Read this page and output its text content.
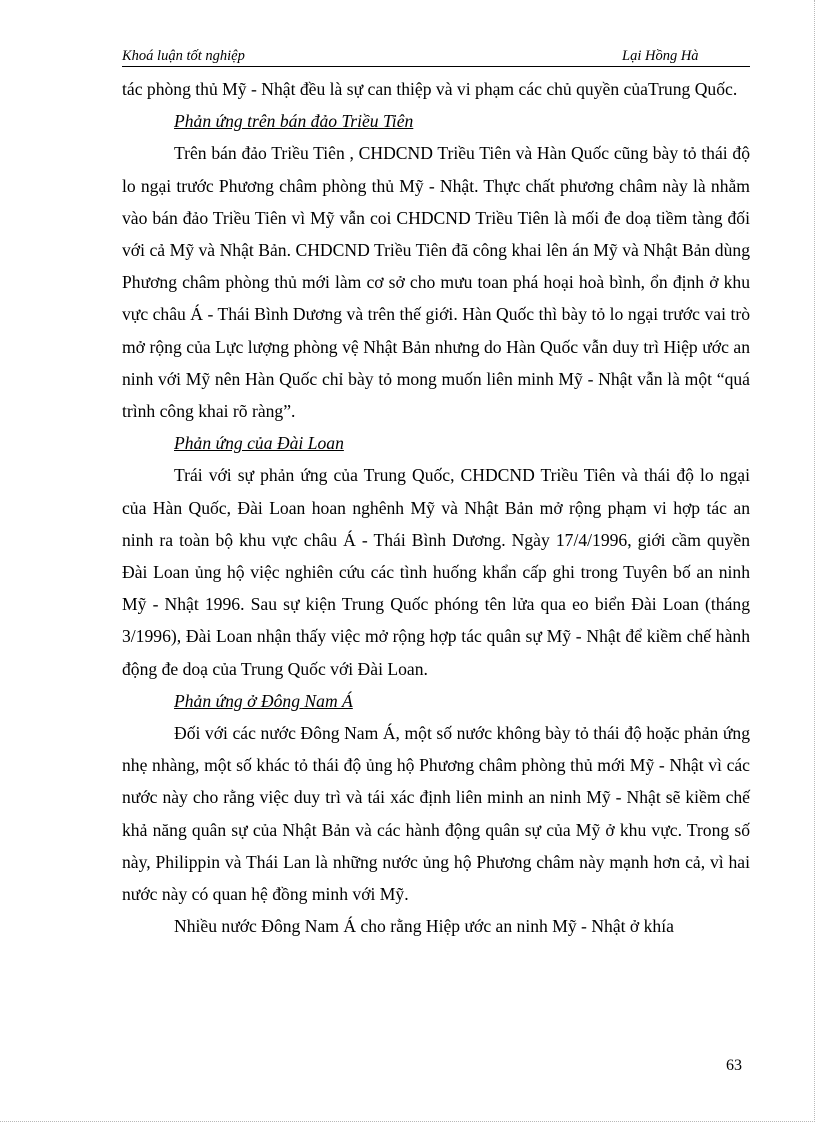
Khoá luận tốt nghiệp	Lại Hồng Hà

tác phòng thủ Mỹ - Nhật đều là sự can thiệp và vi phạm các chủ quyền củaTrung Quốc.

Phản ứng trên bán đảo Triều Tiên

Trên bán đảo Triều Tiên , CHDCND Triều Tiên và Hàn Quốc cũng bày tỏ thái độ lo ngại trước Phương châm phòng thủ Mỹ - Nhật. Thực chất phương châm này là nhằm vào bán đảo Triều Tiên vì Mỹ vẫn coi CHDCND Triều Tiên là mối đe doạ tiềm tàng đối với cả Mỹ và Nhật Bản. CHDCND Triều Tiên đã công khai lên án Mỹ và Nhật Bản dùng Phương châm phòng thủ mới làm cơ sở cho mưu toan phá hoại hoà bình, ổn định ở khu vực châu Á - Thái Bình Dương và trên thế giới. Hàn Quốc thì bày tỏ lo ngại trước vai trò mở rộng của Lực lượng phòng vệ Nhật Bản nhưng do Hàn Quốc vẫn duy trì Hiệp ước an ninh với Mỹ nên Hàn Quốc chỉ bày tỏ mong muốn liên minh Mỹ - Nhật vẫn là một “quá trình công khai rõ ràng”.

Phản ứng của Đài Loan

Trái với sự phản ứng của Trung Quốc, CHDCND Triều Tiên và thái độ lo ngại của Hàn Quốc, Đài Loan hoan nghênh Mỹ và Nhật Bản mở rộng phạm vi hợp tác an ninh ra toàn bộ khu vực châu Á - Thái Bình Dương. Ngày 17/4/1996, giới cầm quyền Đài Loan ủng hộ việc nghiên cứu các tình huống khẩn cấp ghi trong Tuyên bố an ninh Mỹ - Nhật 1996. Sau sự kiện Trung Quốc phóng tên lửa qua eo biển Đài Loan (tháng 3/1996), Đài Loan nhận thấy việc mở rộng hợp tác quân sự Mỹ - Nhật để kiềm chế hành động đe doạ của Trung Quốc với Đài Loan.

Phản ứng ở Đông Nam Á

Đối với các nước Đông Nam Á, một số nước không bày tỏ thái độ hoặc phản ứng nhẹ nhàng, một số khác tỏ thái độ ủng hộ Phương châm phòng thủ mới Mỹ - Nhật vì các nước này cho rằng việc duy trì và tái xác định liên minh an ninh Mỹ - Nhật sẽ kiềm chế khả năng quân sự của Nhật Bản và các hành động quân sự của Mỹ ở khu vực. Trong số này, Philippin và Thái Lan là những nước ủng hộ Phương châm này mạnh hơn cả, vì hai nước này có quan hệ đồng minh với Mỹ.

Nhiều nước Đông Nam Á cho rằng Hiệp ước an ninh Mỹ - Nhật ở khía

63
